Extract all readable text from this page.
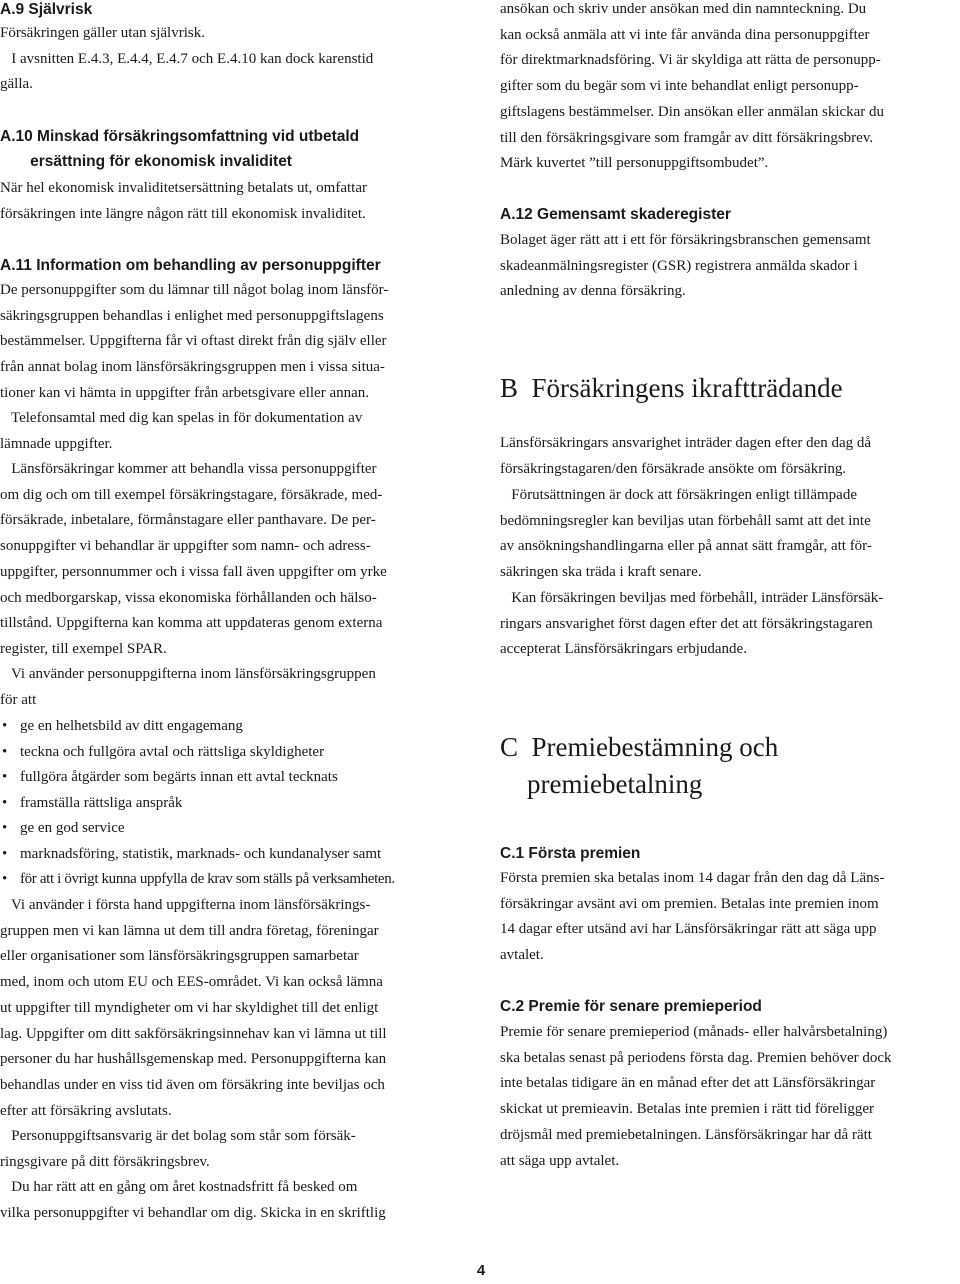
A.9 Självrisk

Försäkringen gäller utan självrisk.
I avsnitten E.4.3, E.4.4, E.4.7 och E.4.10 kan dock karenstid
gälla.

A.10 Minskad försäkringsomfattning vid utbetald
ersättning för ekonomisk invaliditet

När hel ekonomisk invaliditetsersättning betalats ut, omfattar
försäkringen inte längre någon rätt till ekonomisk invaliditet.

A.11 Information om behandling av personuppgifter

De personuppgifter som du lämnar till något bolag inom länsför-
säkringsgruppen behandlas i enlighet med personuppgiftslagens
bestämmelser. Uppgifterna får vi oftast direkt från dig själv eller
från annat bolag inom länsförsäkringsgruppen men i vissa situa-
tioner kan vi hämta in uppgifter från arbetsgivare eller annan.

Telefonsamtal med dig kan spelas in för dokumentation av
lämnade uppgifter.

Länsförsäkringar kommer att behandla vissa personuppgifter
om dig och om till exempel försäkringstagare, försäkrade, med-
försäkrade, inbetalare, förmånstagare eller panthavare. De per-
sonuppgifter vi behandlar är uppgifter som namn- och adress-
uppgifter, personnummer och i vissa fall även uppgifter om yrke
och medborgarskap, vissa ekonomiska förhållanden och hälso-
tillstånd. Uppgifterna kan komma att uppdateras genom externa
register, till exempel SPAR.

Vi använder personuppgifterna inom länsförsäkringsgruppen
för att

• ge en helhetsbild av ditt engagemang

• teckna och fullgöra avtal och rättsliga skyldigheter

• fullgöra åtgärder som begärts innan ett avtal tecknats

• framställa rättsliga anspråk

• ge en god service

• marknadsföring, statistik, marknads- och kundanalyser samt

• för att i övrigt kunna uppfylla de krav som ställs på verksamheten.

Vi använder i första hand uppgifterna inom länsförsäkrings-
gruppen men vi kan lämna ut dem till andra företag, föreningar
eller organisationer som länsförsäkringsgruppen samarbetar
med, inom och utom EU och EES-området. Vi kan också lämna
ut uppgifter till myndigheter om vi har skyldighet till det enligt
lag. Uppgifter om ditt sakförsäkringsinnehav kan vi lämna ut till
personer du har hushållsgemenskap med. Personuppgifterna kan
behandlas under en viss tid även om försäkring inte beviljas och
efter att försäkring avslutats.

Personuppgiftsansvarig är det bolag som står som försäk-
ringsgivare på ditt försäkringsbrev.

Du har rätt att en gång om året kostnadsfritt få besked om
vilka personuppgifter vi behandlar om dig. Skicka in en skriftlig

ansökan och skriv under ansökan med din namnteckning. Du
kan också anmäla att vi inte får använda dina personuppgifter
för direktmarknadsföring. Vi är skyldiga att rätta de personupp-
gifter som du begär som vi inte behandlat enligt personupp-
giftslagens bestämmelser. Din ansökan eller anmälan skickar du
till den försäkringsgivare som framgår av ditt försäkringsbrev.
Märk kuvertet ”till personuppgiftsombudet”.

A.12 Gemensamt skaderegister

Bolaget äger rätt att i ett för försäkringsbranschen gemensamt
skadeanmälningsregister (GSR) registrera anmälda skador i
anledning av denna försäkring.

B  Försäkringens ikraftträdande

Länsförsäkringars ansvarighet inträder dagen efter den dag då
försäkringstagaren/den försäkrade ansökte om försäkring.

Förutsättningen är dock att försäkringen enligt tillämpade
bedömningsregler kan beviljas utan förbehåll samt att det inte
av ansökningshandlingarna eller på annat sätt framgår, att för-
säkringen ska träda i kraft senare.

Kan försäkringen beviljas med förbehåll, inträder Länsförsäk-
ringars ansvarighet först dagen efter det att försäkringstagaren
accepterat Länsförsäkringars erbjudande.

C  Premiebestämning och
premiebetalning

C.1 Första premien

Första premien ska betalas inom 14 dagar från den dag då Läns-
försäkringar avsänt avi om premien. Betalas inte premien inom
14 dagar efter utsänd avi har Länsförsäkringar rätt att säga upp
avtalet.

C.2 Premie för senare premieperiod

Premie för senare premieperiod (månads- eller halvårsbetalning)
ska betalas senast på periodens första dag. Premien behöver dock
inte betalas tidigare än en månad efter det att Länsförsäkringar
skickat ut premieavin. Betalas inte premien i rätt tid föreligger
dröjsmål med premiebetalningen. Länsförsäkringar har då rätt
att säga upp avtalet.

4
